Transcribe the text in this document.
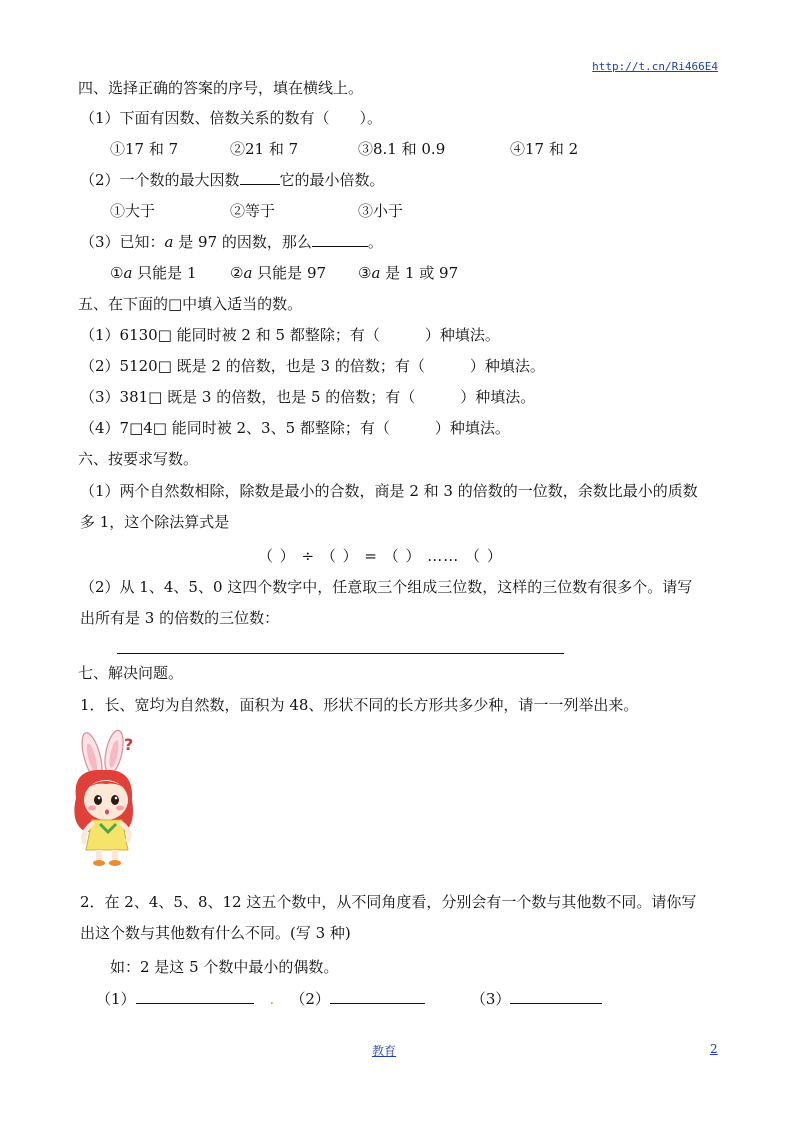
http://t.cn/Ri466E4
四、选择正确的答案的序号，填在横线上。
（1）下面有因数、倍数关系的数有（　　）。
①17 和 7	②21 和 7	③8.1 和 0.9	④17 和 2
（2）一个数的最大因数	它的最小倍数。
①大于	②等于	③小于
（3）已知：a 是 97 的因数，那么	。
①a 只能是 1 ②a 只能是 97 ③a 是 1 或 97
五、在下面的□中填入适当的数。
（1）6130□ 能同时被 2 和 5 都整除；有（　　　）种填法。
（2）5120□ 既是 2 的倍数，也是 3 的倍数；有（　　　）种填法。
（3）381□ 既是 3 的倍数，也是 5 的倍数；有（　　　）种填法。
（4）7□4□ 能同时被 2、3、5 都整除；有（　　　）种填法。
六、按要求写数。
（1）两个自然数相除，除数是最小的合数，商是 2 和 3 的倍数的一位数，余数比最小的质数
多 1，这个除法算式是
（ ） ÷ （ ） = （ ） …… （ ）
（2）从 1、4、5、0 这四个数字中，任意取三个组成三位数，这样的三位数有很多个。请写
出所有是 3 的倍数的三位数：
七、解决问题。
1．长、宽均为自然数，面积为 48、形状不同的长方形共多少种，请一一列举出来。
?
2．在 2、4、5、8、12 这五个数中，从不同角度看，分别会有一个数与其他数不同。请你写
出这个数与其他数有什么不同。(写 3 种)
如：2 是这 5 个数中最小的偶数。
（1）	. （2）	（3）
教育	2
